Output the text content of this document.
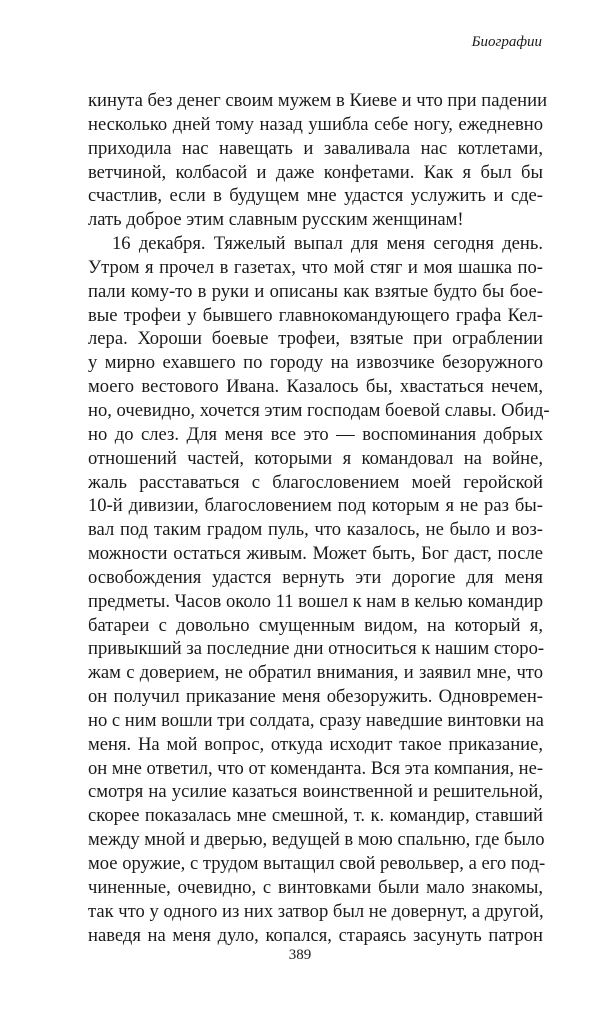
Биографии
кинута без денег своим мужем в Киеве и что при падении
несколько дней тому назад ушибла себе ногу, ежедневно
приходила нас навещать и заваливала нас котлетами,
ветчиной, колбасой и даже конфетами. Как я был бы
счастлив, если в будущем мне удастся услужить и сде-
лать доброе этим славным русским женщинам!
16 декабря. Тяжелый выпал для меня сегодня день.
Утром я прочел в газетах, что мой стяг и моя шашка по-
пали кому-то в руки и описаны как взятые будто бы бое-
вые трофеи у бывшего главнокомандующего графа Кел-
лера. Хороши боевые трофеи, взятые при ограблении
у мирно ехавшего по городу на извозчике безоружного
моего вестового Ивана. Казалось бы, хвастаться нечем,
но, очевидно, хочется этим господам боевой славы. Обид-
но до слез. Для меня все это — воспоминания добрых
отношений частей, которыми я командовал на войне,
жаль расставаться с благословением моей геройской
10-й дивизии, благословением под которым я не раз бы-
вал под таким градом пуль, что казалось, не было и воз-
можности остаться живым. Может быть, Бог даст, после
освобождения удастся вернуть эти дорогие для меня
предметы. Часов около 11 вошел к нам в келью командир
батареи с довольно смущенным видом, на который я,
привыкший за последние дни относиться к нашим сторо-
жам с доверием, не обратил внимания, и заявил мне, что
он получил приказание меня обезоружить. Одновремен-
но с ним вошли три солдата, сразу наведшие винтовки на
меня. На мой вопрос, откуда исходит такое приказание,
он мне ответил, что от коменданта. Вся эта компания, не-
смотря на усилие казаться воинственной и решительной,
скорее показалась мне смешной, т. к. командир, ставший
между мной и дверью, ведущей в мою спальню, где было
мое оружие, с трудом вытащил свой револьвер, а его под-
чиненные, очевидно, с винтовками были мало знакомы,
так что у одного из них затвор был не довернут, а другой,
наведя на меня дуло, копался, стараясь засунуть патрон
389
